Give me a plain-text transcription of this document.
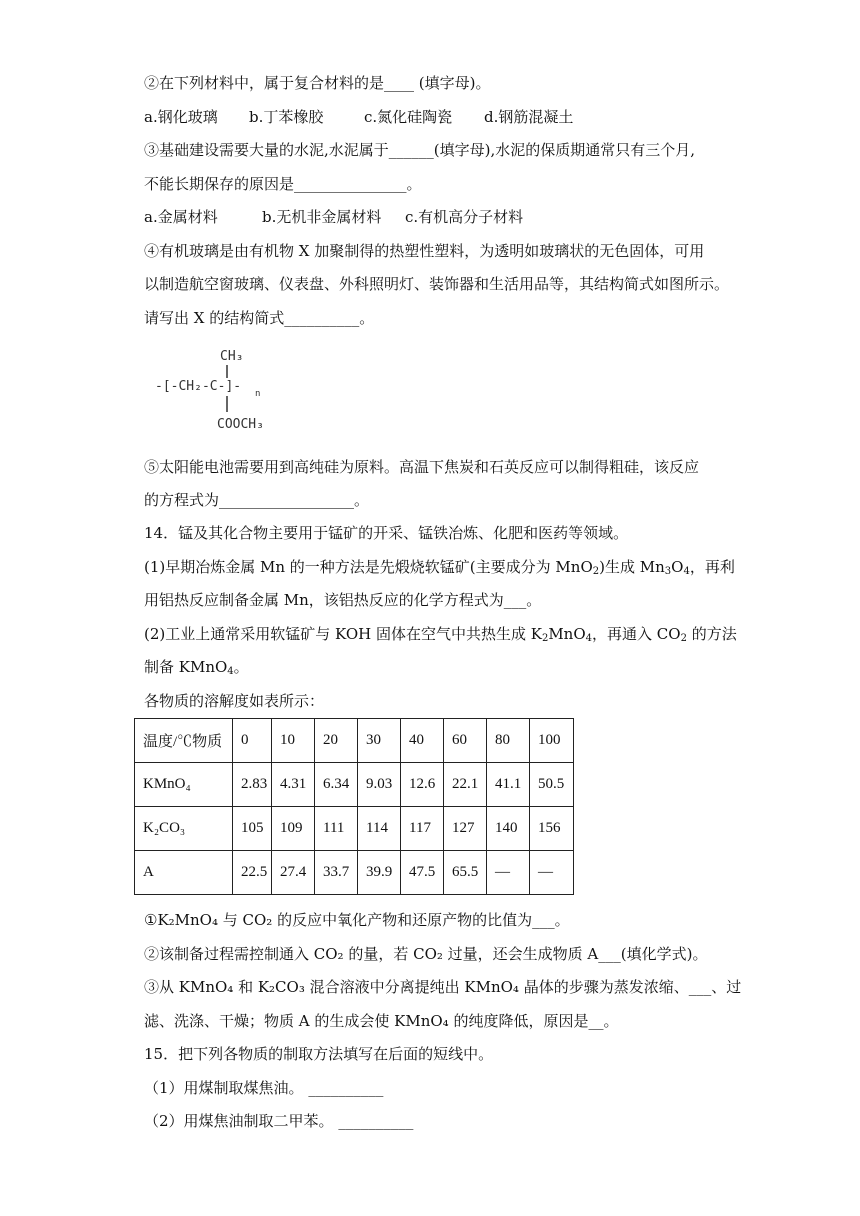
②在下列材料中，属于复合材料的是____ (填字母)。
a.钢化玻璃 b.丁苯橡胶	c.氮化硅陶瓷 d.钢筋混凝土
③基础建设需要大量的水泥,水泥属于______(填字母),水泥的保质期通常只有三个月,
不能长期保存的原因是_______________。
a.金属材料	b.无机非金属材料 c.有机高分子材料
④有机玻璃是由有机物 X 加聚制得的热塑性塑料，为透明如玻璃状的无色固体，可用
以制造航空窗玻璃、仪表盘、外科照明灯、装饰器和生活用品等，其结构简式如图所示。
请写出 X 的结构简式__________。
CH₃
-[-CH₂-C-]- n
COOCH₃
⑤太阳能电池需要用到高纯硅为原料。高温下焦炭和石英反应可以制得粗硅，该反应
的方程式为__________________。
14．锰及其化合物主要用于锰矿的开采、锰铁冶炼、化肥和医药等领域。
(1)早期冶炼金属 Mn 的一种方法是先煅烧软锰矿(主要成分为 MnO$_2$)生成 $Mn_3O_4$，再利
用铝热反应制备金属 Mn，该铝热反应的化学方程式为___。
(2)工业上通常采用软锰矿与 KOH 固体在空气中共热生成 $K_2MnO_4$，再通入 $CO_2$ 的方法
制备 KMnO$_4$。
各物质的溶解度如表所示：
温度/℃物质	0	10	20	30	40	60	80	100
KMnO₄	2.83	4.31	6.34	9.03	12.6	22.1	41.1	50.5
K₂CO₃	105	109	111	114	117	127	140	156
A	22.5	27.4	33.7	39.9	47.5	65.5	—	—
①K₂MnO₄ 与 CO₂ 的反应中氧化产物和还原产物的比值为___。
②该制备过程需控制通入 CO₂ 的量，若 CO₂ 过量，还会生成物质 A___(填化学式)。
③从 KMnO₄ 和 K₂CO₃ 混合溶液中分离提纯出 KMnO₄ 晶体的步骤为蒸发浓缩、___、过
滤、洗涤、干燥；物质 A 的生成会使 KMnO₄ 的纯度降低，原因是__。
15．把下列各物质的制取方法填写在后面的短线中。
（1）用煤制取煤焦油。 __________
（2）用煤焦油制取二甲苯。 __________
